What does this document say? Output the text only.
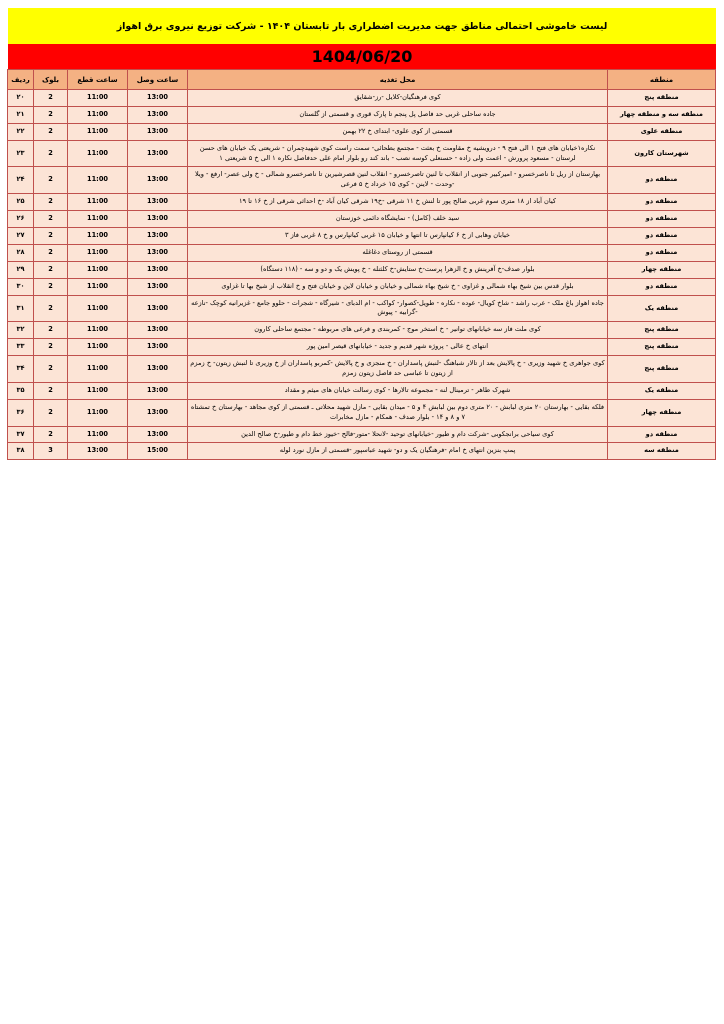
لیست خاموشی احتمالی مناطق جهت مدیریت اضطراری بار تابستان ۱۴۰۴ - شرکت توزیع نیروی برق اهواز
1404/06/20
منطقه	محل تغذیه	ساعت وصل	ساعت قطع	بلوک	ردیف
منطقه پنج	کوی فرهنگیان-کلایل -رز-شقایق	13:00	11:00	2	۲۰
منطقه سه و منطقه چهار	جاده ساحلی غربی حد فاصل پل پنجم تا پارک قوری و قسمتی از گلستان	13:00	11:00	2	۲۱
منطقه علوی	قسمتی از کوی علوی- ابتدای خ ۲۲ بهمن	13:00	11:00	2	۲۲
شهرستان کارون	نکاره۱خیابان های فتح ۱ الی فتح ۹ - درویشیه خ مقاومت خ بعثت - مجتمع بطحائی- سمت راست کوی شهیدچمران - شریعتی یک خیابان های حسن لرستان - مسعود پرورش - اعمت ولی زاده - حسنعلی کوسه نصب - باند کند رو بلوار امام علی حدفاصل نکاره ۱ الی خ ۵ شریعتی ۱	13:00	11:00	2	۲۳
منطقه دو	بهارستان از ریل تا ناصرخسرو - امیرکبیر جنوبی از انقلاب تا لنین تاصرخسرو - انقلاب لنین قصرشیرین تا ناصرخسرو شمالی - خ ولی عصر- ارفع - ویلا -وحدت - لاینن - کوی ۱۵ خرداد خ ۵ فرعی	13:00	11:00	2	۲۴
منطقه دو	کیان آباد از ۱۸ متری سوم غربی صالح پور تا لنش خ ۱۱ شرقی -خ۱۹ شرقی کیان آباد -خ احداثی شرقی از خ ۱۶ تا ۱۹	13:00	11:00	2	۲۵
منطقه دو	سید خلف (کامل) - نمایشگاه دائمی خوزستان	13:00	11:00	2	۲۶
منطقه دو	خیابان وهابی از خ ۶ کیانپارس تا انتها و خیابان ۱۵ غربی کیانپارس و خ ۸ غربی فاز ۳	13:00	11:00	2	۲۷
منطقه دو	قسمتی از روستای دغاغله	13:00	11:00	2	۲۸
منطقه چهار	بلوار صدف-خ آفرینش و خ الزهرا پرست-خ ستایش-خ کلثنله - خ پویش یک و دو و سه - (۱۱۸ دستگاه)	13:00	11:00	2	۲۹
منطقه دو	بلوار قدس بین شیخ بهاء شمالی و غزاوی - خ شیخ بهاء شمالی و خیابان و خیابان لاین و خیابان فتح و خ انقلاب از شیخ بها تا غزاوی	13:00	11:00	2	۳۰
منطقه یک	جاده اهواز باغ ملک - عرب راشد - شاخ کویال- عوده - نکاره - طویل-کصوار- کواکب - ام الدبای - شیرگاه - شجرات - حلوو جامع - غزیرانیه کوچک -نازعه -گرابیه - پیوش	13:00	11:00	2	۳۱
منطقه پنج	کوی ملت فاز سه خیابانهای توانیر - خ استخر موج - کمربندی و فرعی های مربوطه - مجتمع ساحلی کارون	13:00	11:00	2	۳۲
منطقه پنج	انتهای خ عالی - پروژه شهر قدیم و جدید - خیابانهای قیصر امین پور	13:00	11:00	2	۳۳
منطقه پنج	کوی جواهری خ شهید وزیری - خ پالایش بعد از تالار شباهنگ -لنبش پاسداران - خ منجزی و خ پالایش -کمربو پاسداران از خ وزیری تا لنبش زیتون- خ زمزم از زیتون تا عباسی حد فاصل زیتون زمزم	13:00	11:00	2	۳۴
منطقه یک	شهرک طاهر - ترمینال لنه - مجموعه تالارها - کوی رسالت خیابان های میثم و مقداد	13:00	11:00	2	۳۵
منطقه چهار	فلکه بقایی - بهارستان ۲۰ متری لبابش - ۲۰ متری دوم بین لبابش ۴ و ۵ - میدان بقایی - مازل شهید محلاتی ـ قسمتی از کوی مجاهد - بهارستان خ تمشتاه ۷ و ۸ و ۱۴ - بلوار صدف - همکام - مازل مخابرات	13:00	11:00	2	۳۶
منطقه دو	کوی سیاحی برانجکوبی -شرکت دام و طیور -خیابانهای توحید -لانحلا -متور-فالح -خیوز خط دام و طیور-خ صالح الدین	13:00	11:00	2	۳۷
منطقه سه	پمپ بنزین انتهای خ امام -فرهنگیان یک و دو- شهید عباسپور -قسمتی از مازل نورد لوله	15:00	13:00	3	۳۸
